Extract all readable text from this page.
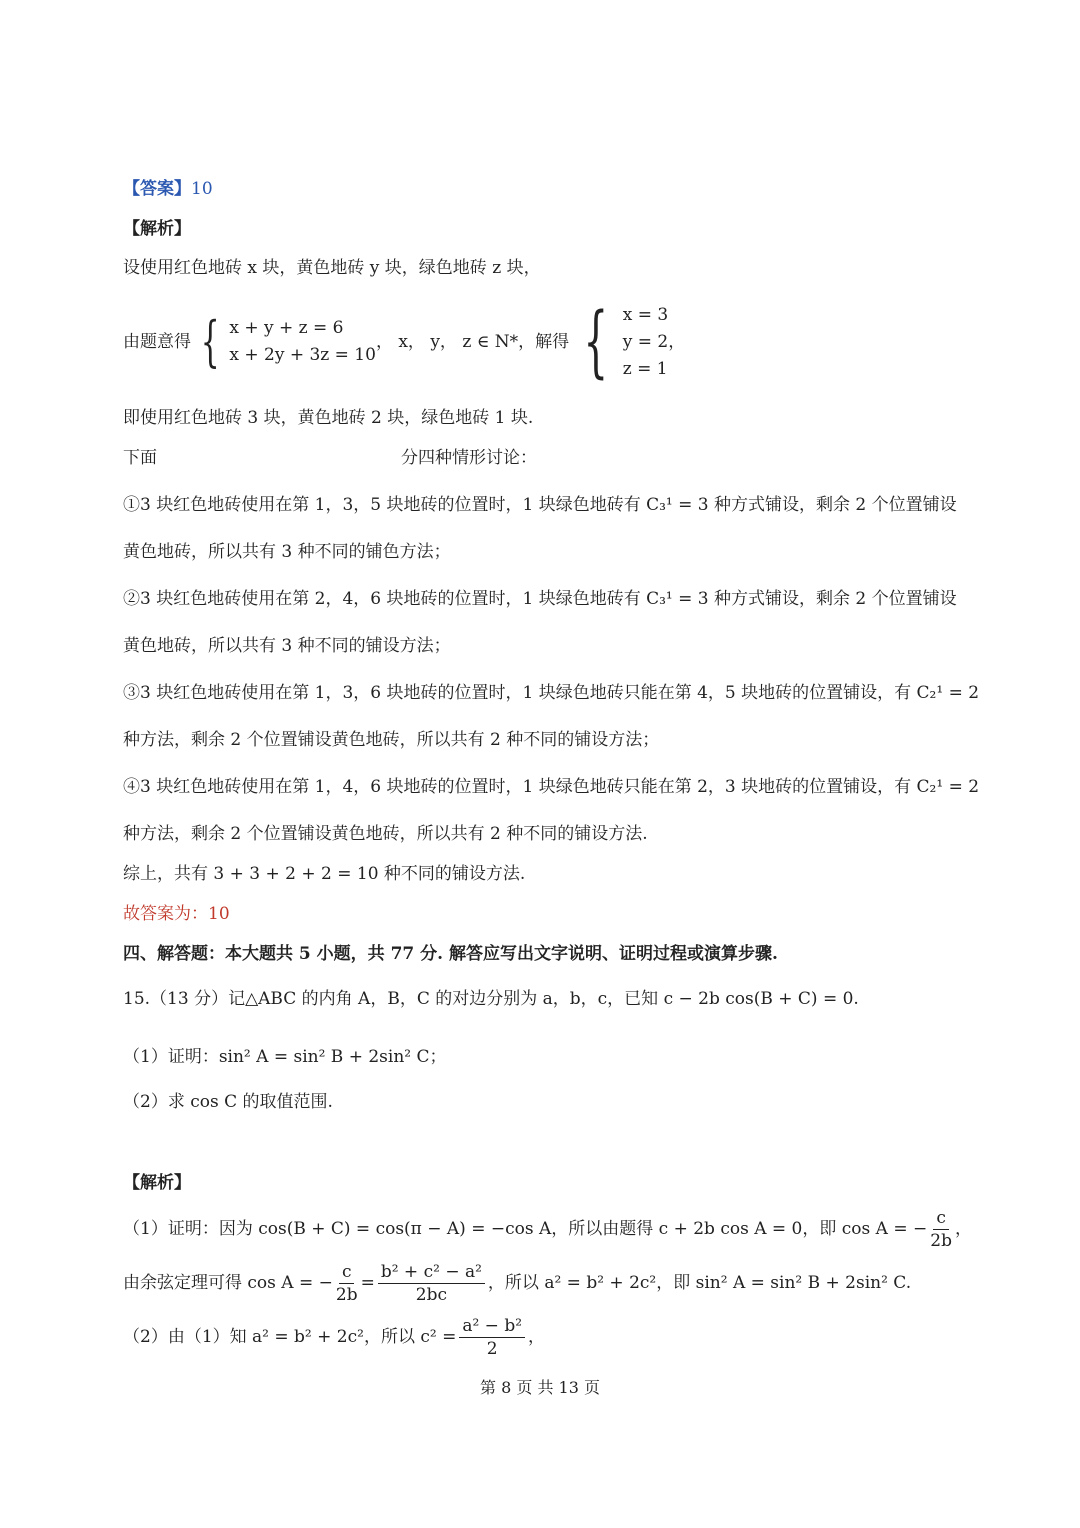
【答案】10
【解析】
设使用红色地砖 x 块，黄色地砖 y 块，绿色地砖 z 块，
由题意得 { x + y + z = 6
x + 2y + 3z = 10
， x， y， z ∈ N*，解得 { x = 3
y = 2，
z = 1
即使用红色地砖 3 块，黄色地砖 2 块，绿色地砖 1 块.
下面	分四种情形讨论：
①3 块红色地砖使用在第 1，3，5 块地砖的位置时，1 块绿色地砖有 C₃¹ = 3 种方式铺设，剩余 2 个位置铺设
黄色地砖，所以共有 3 种不同的铺色方法；
②3 块红色地砖使用在第 2，4，6 块地砖的位置时，1 块绿色地砖有 C₃¹ = 3 种方式铺设，剩余 2 个位置铺设
黄色地砖，所以共有 3 种不同的铺设方法；
③3 块红色地砖使用在第 1，3，6 块地砖的位置时，1 块绿色地砖只能在第 4，5 块地砖的位置铺设，有 C₂¹ = 2
种方法，剩余 2 个位置铺设黄色地砖，所以共有 2 种不同的铺设方法；
④3 块红色地砖使用在第 1，4，6 块地砖的位置时，1 块绿色地砖只能在第 2，3 块地砖的位置铺设，有 C₂¹ = 2
种方法，剩余 2 个位置铺设黄色地砖，所以共有 2 种不同的铺设方法.
综上，共有 3 + 3 + 2 + 2 = 10 种不同的铺设方法.
故答案为：10
四、解答题：本大题共 5 小题，共 77 分. 解答应写出文字说明、证明过程或演算步骤.
15.（13 分）记△ABC 的内角 A，B，C 的对边分别为 a，b，c，已知 c − 2b cos(B + C) = 0.
（1）证明：sin² A = sin² B + 2sin² C；
（2）求 cos C 的取值范围.
【解析】
（1）证明：因为 cos(B + C) = cos(π − A) = −cos A，所以由题得 c + 2b cos A = 0，即 cos A = − $\frac{c}{2b}$ ，
由余弦定理可得 cos A = − $\frac{c}{2b} = \frac{\text{b² + c² − a²}}{2bc}$ ，所以 a² = b² + 2c²，即 sin² A = sin² B + 2sin² C.
（2）由（1）知 a² = b² + 2c²，所以 $c^2 = \frac{\text{a² − b²}}{2}$ ，
第 8 页 共 13 页
